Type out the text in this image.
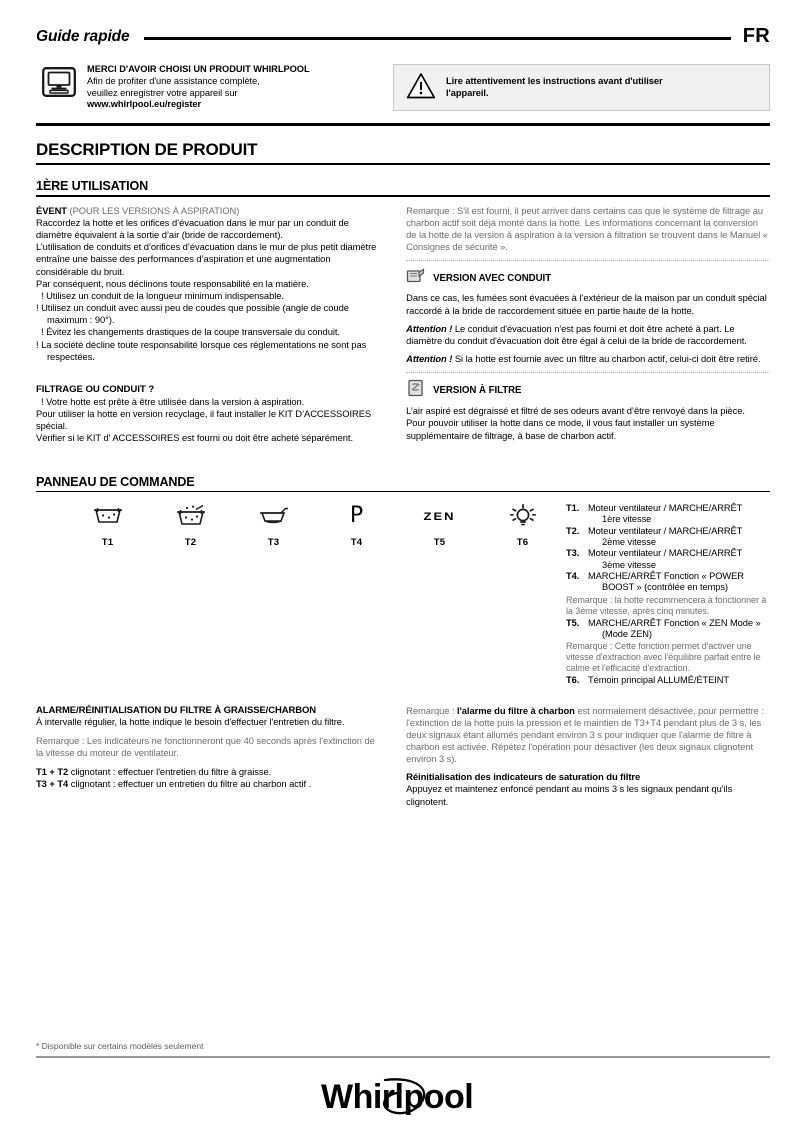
Guide rapide	FR
MERCI D'AVOIR CHOISI UN PRODUIT WHIRLPOOL
Afin de profiter d'une assistance complète,
veuillez enregistrer votre appareil sur
www.whirlpool.eu/register
Lire attentivement les instructions avant d'utiliser
l'appareil.
DESCRIPTION DE PRODUIT
1ÈRE UTILISATION
ÉVENT (POUR LES VERSIONS À ASPIRATION)
Raccordez la hotte et les orifices d’évacuation dans le mur par un conduit de diamètre équivalent à la sortie d’air (bride de raccordement).
L’utilisation de conduits et d’orifices d’évacuation dans le mur de plus petit diamètre entraîne une baisse des performances d’aspiration et une augmentation considérable du bruit.
Par conséquent, nous déclinons toute responsabilité en la matière.
! Utilisez un conduit de la longueur minimum indispensable.
! Utilisez un conduit avec aussi peu de coudes que possible (angle de coude maximum : 90°).
! Évitez les changements drastiques de la coupe transversale du conduit.
! La société décline toute responsabilité lorsque ces réglementations ne sont pas respectées.
FILTRAGE OU CONDUIT ?
! Votre hotte est prête à être utilisée dans la version à aspiration.
Pour utiliser la hotte en version recyclage, il faut installer le KIT D’ACCESSOIRES spécial.
Vérifier si le KIT d' ACCESSOIRES est fourni ou doit être acheté séparément.
Remarque : S'il est fourni, il peut arriver dans certains cas que le système de filtrage au charbon actif soit déjà monté dans la hotte. Les informations concernant la conversion de la hotte de la version à aspiration à la version à filtration se trouvent dans le Manuel « Consignes de sécurité ».
VERSION AVEC CONDUIT
Dans ce cas, les fumées sont évacuées à l’extérieur de la maison par un conduit spécial raccordé à la bride de raccordement située en partie haute de la hotte.
Attention ! Le conduit d'évacuation n'est pas fourni et doit être acheté à part. Le diamètre du conduit d'évacuation doit être égal à celui de la bride de raccordement.
Attention ! Si la hotte est fournie avec un filtre au charbon actif, celui-ci doit être retiré.
VERSION À FILTRE
L’air aspiré est dégraissé et filtré de ses odeurs avant d’être renvoyé dans la pièce.
Pour pouvoir utiliser la hotte dans ce mode, il vous faut installer un système supplémentaire de filtrage, à base de charbon actif.
PANNEAU DE COMMANDE
T1	T2	T3
P
T4
ZEN
T5	T6
T1. Moteur ventilateur / MARCHE/ARRÊT
1ère vitesse
T2. Moteur ventilateur / MARCHE/ARRÊT
2ème vitesse
T3. Moteur ventilateur / MARCHE/ARRÊT
3ème vitesse
T4. MARCHE/ARRÊT Fonction « POWER
BOOST » (contrôlée en temps)
Remarque : la hotte recommencera à fonctionner à la 3ème vitesse, après cinq minutes.
T5. MARCHE/ARRÊT Fonction « ZEN Mode »
(Mode ZEN)
Remarque : Cette fonction permet d'activer une vitesse d'extraction avec l’équilibre parfait entre le calme et l'efficacité d'extraction.
T6. Témoin principal ALLUMÉ/ÉTEINT
ALARME/RÉINITIALISATION DU FILTRE À GRAISSE/CHARBON
À intervalle régulier, la hotte indique le besoin d'effectuer l'entretien du filtre.
Remarque : Les indicateurs ne fonctionneront que 40 seconds après l'extinction de la vitesse du moteur de ventilateur.
T1 + T2 clignotant : effectuer l'entretien du filtre à graisse.
T3 + T4 clignotant : effectuer un entretien du filtre au charbon actif .
Remarque : l'alarme du filtre à charbon est normalement désactivée, pour permettre : l'extinction de la hotte puis la pression et le maintien de T3+T4 pendant plus de 3 s, les deux signaux étant allumés pendant environ 3 s pour indiquer que l'alarme de filtre à charbon est activée. Répétez l'opération pour désactiver (les deux signaux clignotent environ 3 s).
Réinitialisation des indicateurs de saturation du filtre
Appuyez et maintenez enfoncé pendant au moins 3 s les signaux pendant qu'ils clignotent.
* Disponible sur certains modèles seulement
Whirlpool
